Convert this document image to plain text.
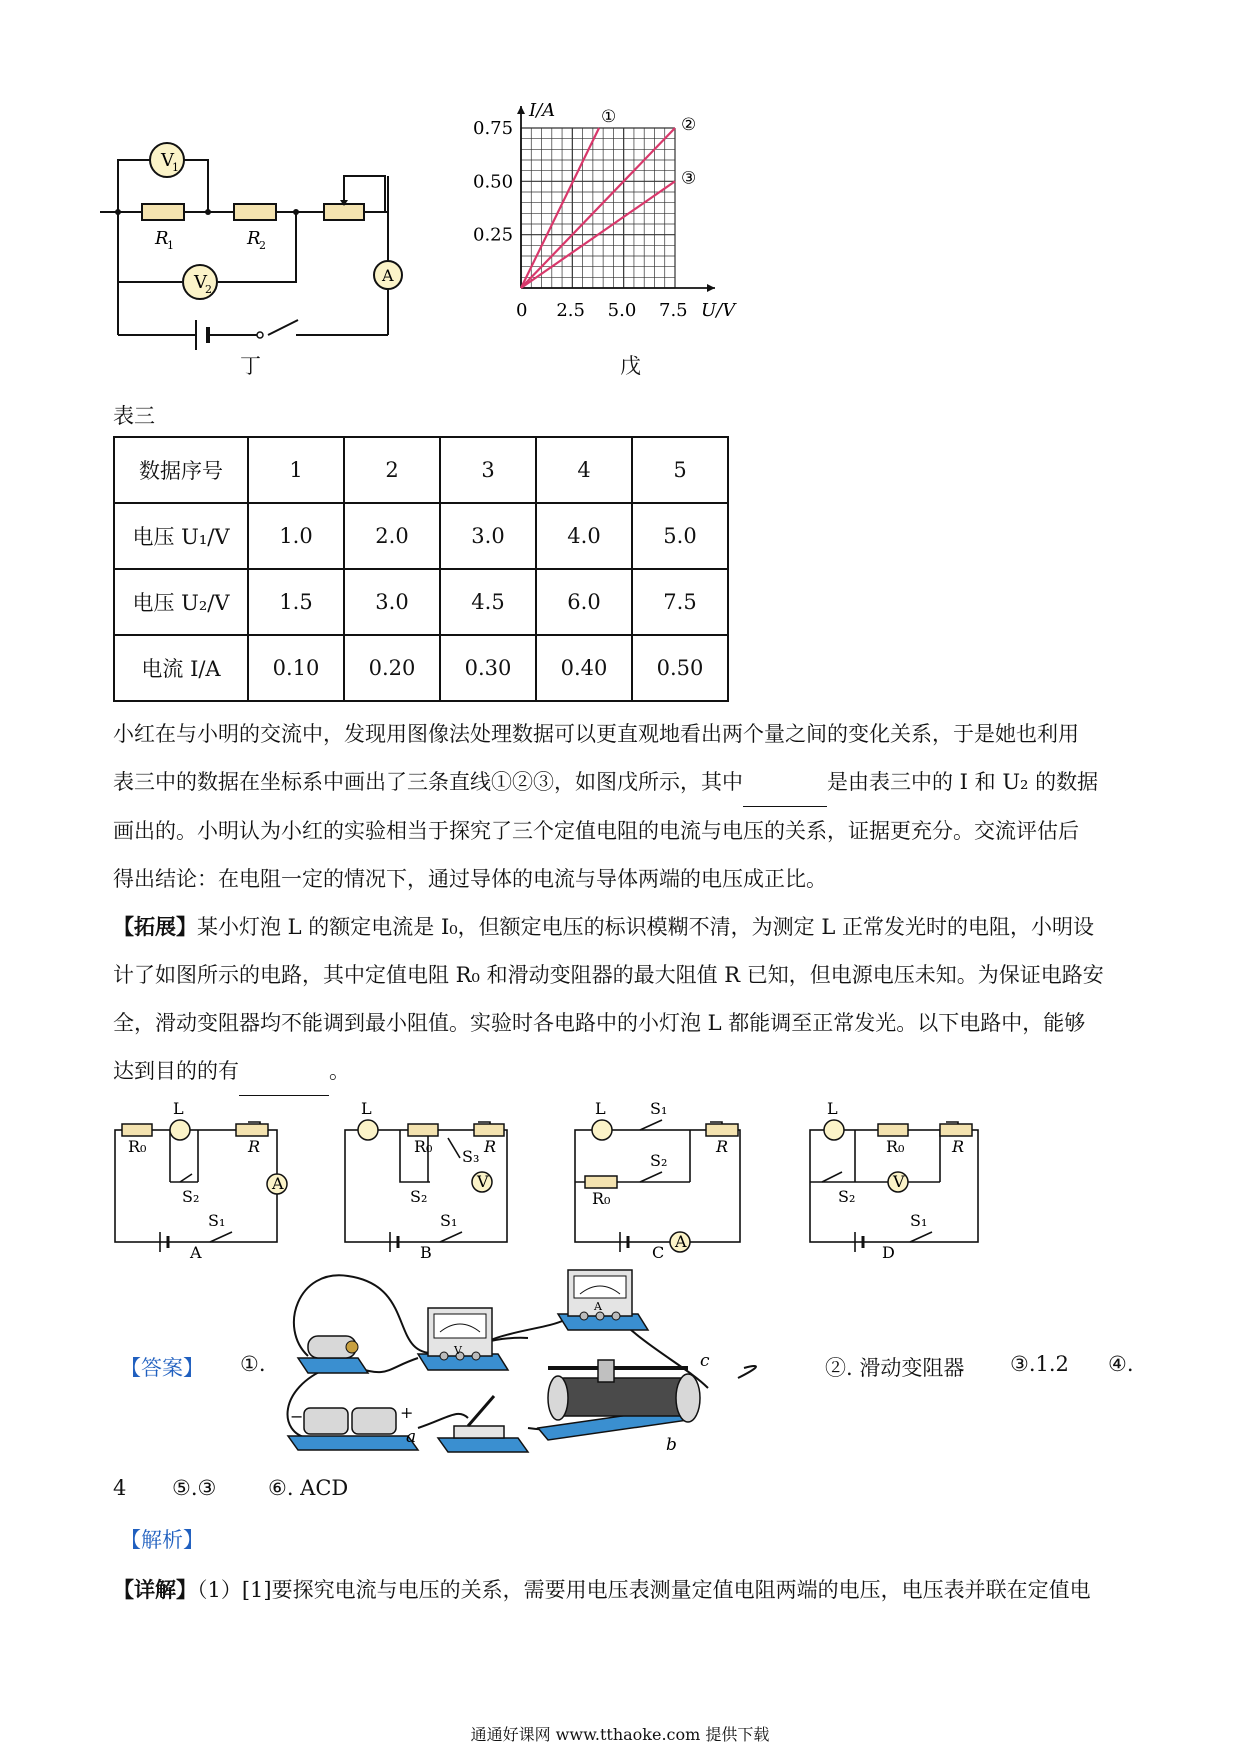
V
1
V
2
A
R
1	R
2
丁
①	②
③
0.75
0.50
0.25
0 2.5 5.0 7.5
I/A
U/V
戊
表三
数据序号	1	2	3	4	5
电压 U₁/V	1.0	2.0	3.0	4.0	5.0
电压 U₂/V	1.5	3.0	4.5	6.0	7.5
电流 I/A	0.10	0.20	0.30	0.40	0.50

小红在与小明的交流中，发现用图像法处理数据可以更直观地看出两个量之间的变化关系，于是她也利用

表三中的数据在坐标系中画出了三条直线①②③，如图戊所示，其中	是由表三中的 I 和 U₂ 的数据

画出的。小明认为小红的实验相当于探究了三个定值电阻的电流与电压的关系，证据更充分。交流评估后

得出结论：在电阻一定的情况下，通过导体的电流与导体两端的电压成正比。

【拓展】某小灯泡 L 的额定电流是 I₀，但额定电压的标识模糊不清，为测定 L 正常发光时的电阻，小明设

计了如图所示的电路，其中定值电阻 R₀ 和滑动变阻器的最大阻值 R 已知，但电源电压未知。为保证电路安

全，滑动变阻器均不能调到最小阻值。实验时各电路中的小灯泡 L 都能调至正常发光。以下电路中，能够

达到目的的有	。

L
R₀	R
A
S₂
S₁
L
R₀	R
S₃
V
S₂
S₁
L	S₁
S₂
R
R₀
A
L
R₀	R
V
S₂
S₁
A	B	C	D
【答案】 ①.
−	+
a	b
c
V
A
②. 滑动变阻器 ③.1.2 ④.
4 ⑤.③ ⑥. ACD
【解析】
【详解】（1）[1]要探究电流与电压的关系，需要用电压表测量定值电阻两端的电压，电压表并联在定值电
通通好课网 www.tthaoke.com 提供下载
